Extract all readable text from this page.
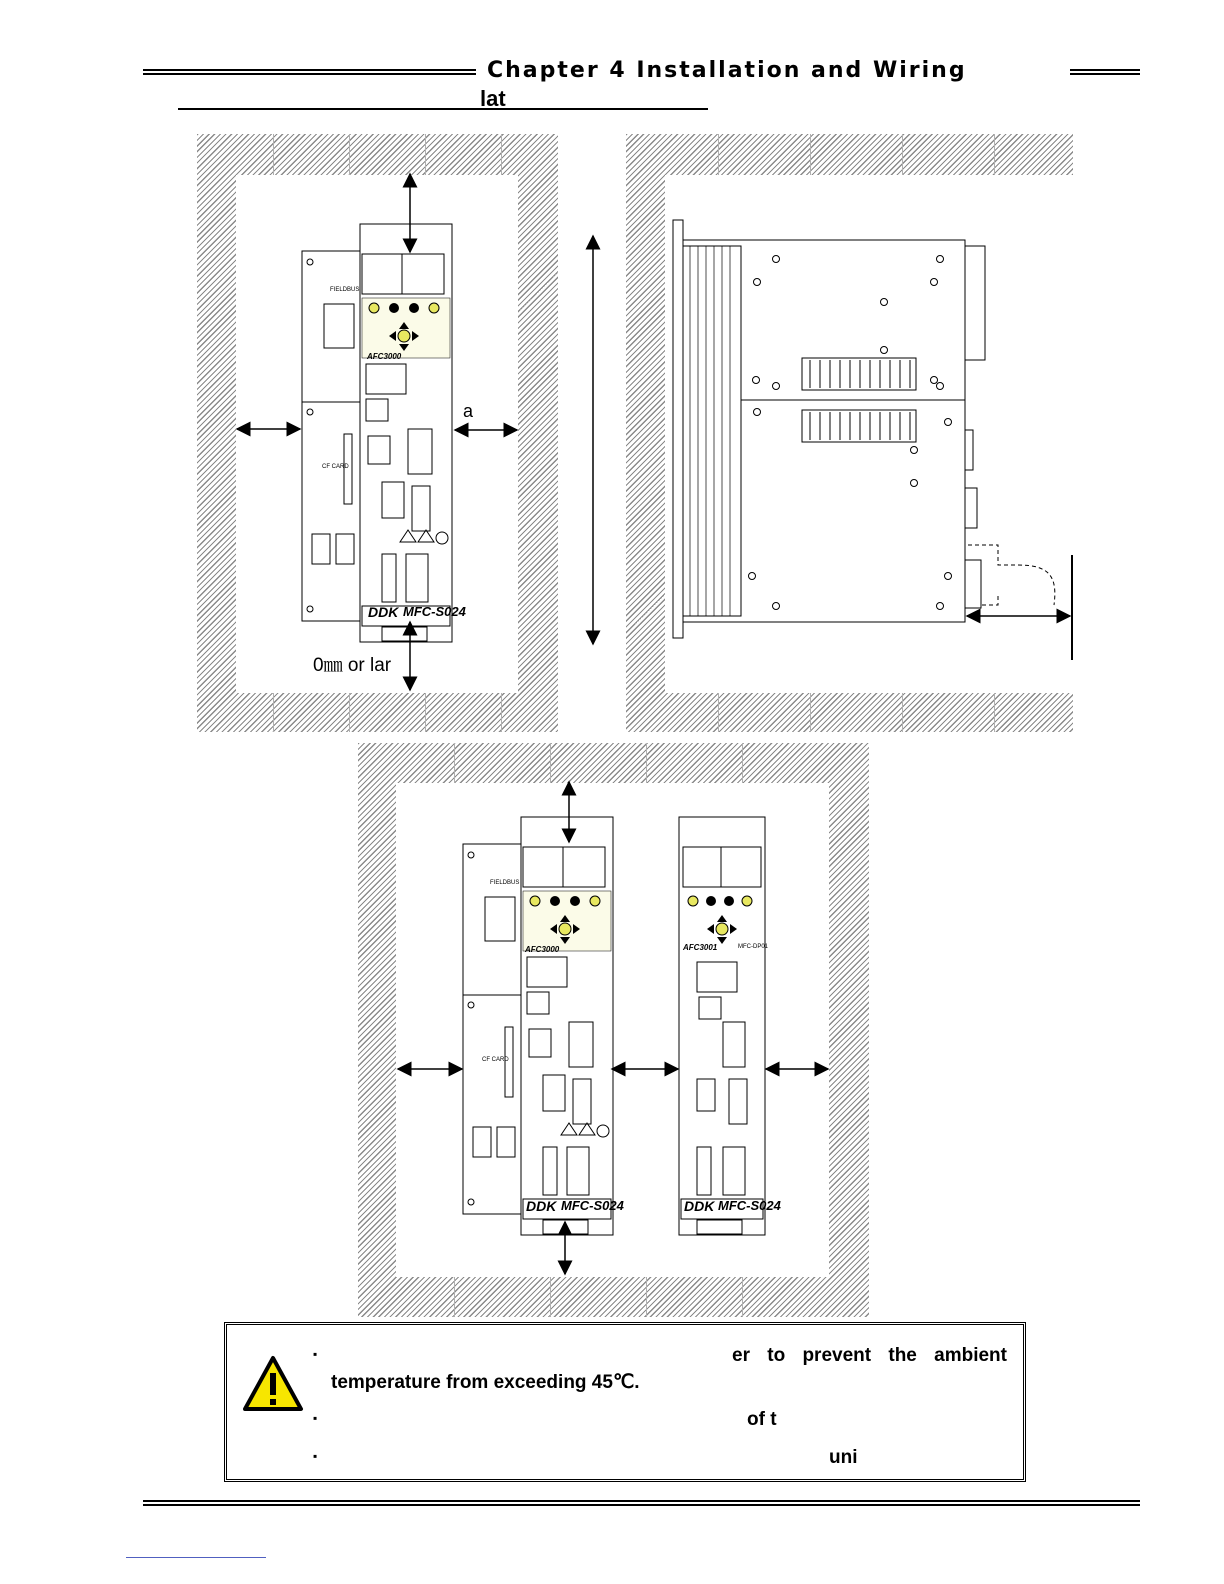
Chapter 4 Installation and Wiring
lat
DDK MFC-S024
AFC3000
FIELDBUS
CF CARD
DDK MFC-S024
AFC3000	AFC3001	MFC-DP01
DDK MFC-S024
FIELDBUS
CF CARD
a
0㎜ or lar
▪	er to prevent the ambient
temperature from exceeding 45℃.
▪	of t
▪	uni
